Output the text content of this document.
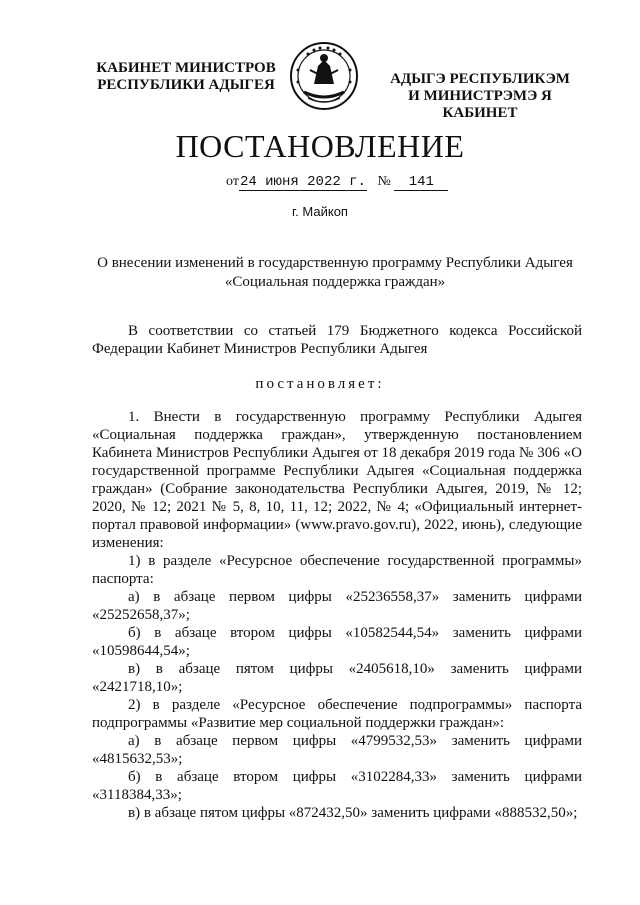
КАБИНЕТ МИНИСТРОВ
РЕСПУБЛИКИ АДЫГЕЯ	АДЫГЭ РЕСПУБЛИКЭМ
И МИНИСТРЭМЭ Я КАБИНЕТ
ПОСТАНОВЛЕНИЕ
от24 июня 2022 г. № 141
г. Майкоп
О внесении изменений в государственную программу Республики Адыгея
«Социальная поддержка граждан»
В соответствии со статьей 179 Бюджетного кодекса Российской Федерации Кабинет Министров Республики Адыгея
постановляет:

1. Внести в государственную программу Республики Адыгея «Социальная поддержка граждан», утвержденную постановлением Кабинета Министров Республики Адыгея от 18 декабря 2019 года № 306 «О государственной программе Республики Адыгея «Социальная поддержка граждан» (Собрание законодательства Республики Адыгея, 2019, № 12; 2020, № 12; 2021 № 5, 8, 10, 11, 12; 2022, № 4; «Официальный интернет-портал правовой информации» (www.pravo.gov.ru), 2022, июнь), следующие изменения:

1) в разделе «Ресурсное обеспечение государственной программы» паспорта:

а) в абзаце первом цифры «25236558,37» заменить цифрами «25252658,37»;

б) в абзаце втором цифры «10582544,54» заменить цифрами «10598644,54»;

в) в абзаце пятом цифры «2405618,10» заменить цифрами «2421718,10»;

2) в разделе «Ресурсное обеспечение подпрограммы» паспорта подпрограммы «Развитие мер социальной поддержки граждан»:

а) в абзаце первом цифры «4799532,53» заменить цифрами «4815632,53»;

б) в абзаце втором цифры «3102284,33» заменить цифрами «3118384,33»;

в) в абзаце пятом цифры «872432,50» заменить цифрами «888532,50»;
